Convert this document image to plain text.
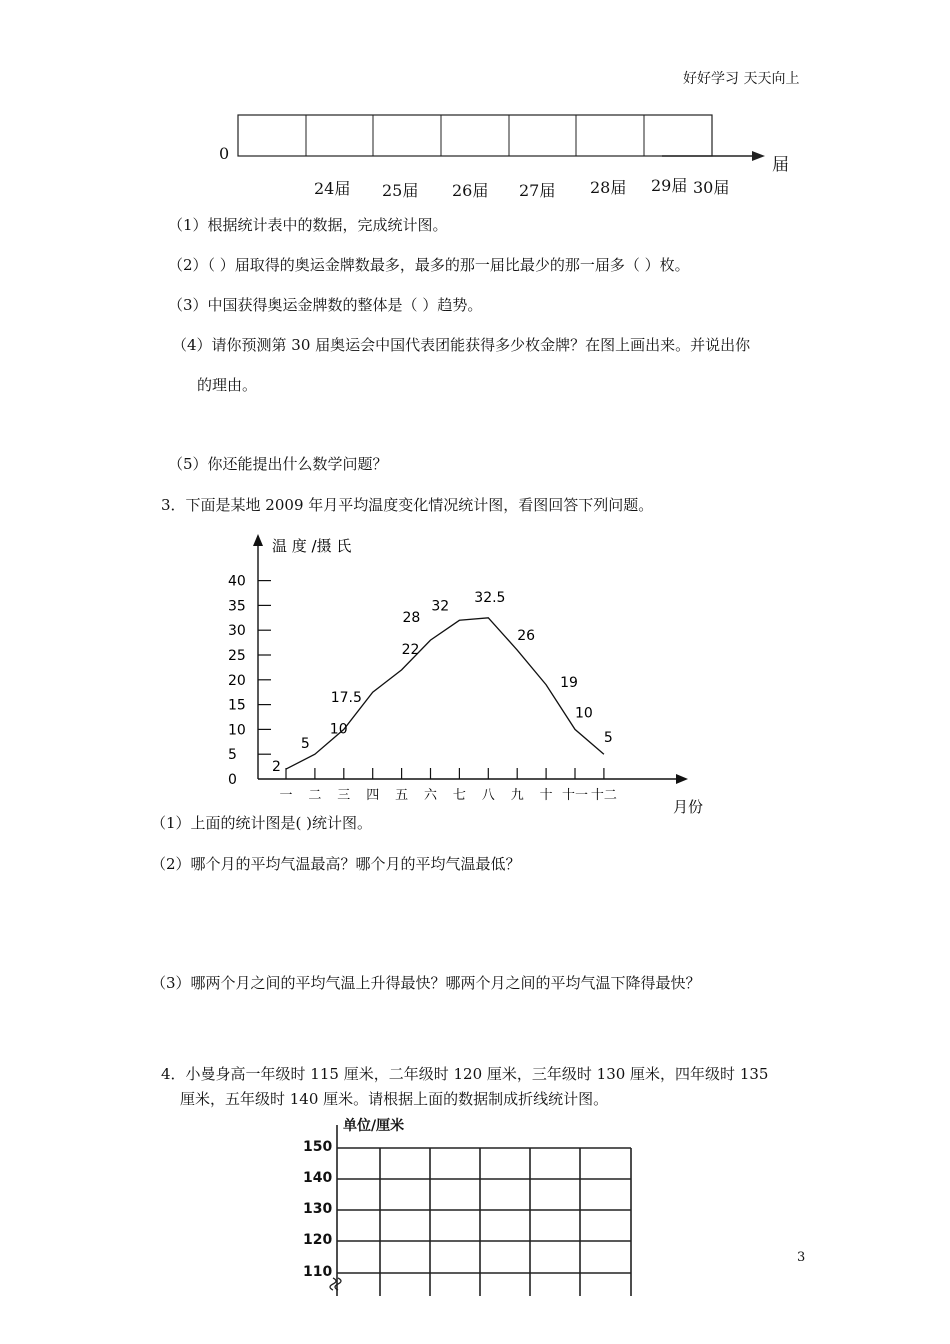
好好学习 天天向上
0
届
24届 25届 26届 27届 28届 29届 30届
（1）根据统计表中的数据，完成统计图。
（2）（ ）届取得的奥运金牌数最多，最多的那一届比最少的那一届多（ ）枚。
（3）中国获得奥运金牌数的整体是（ ）趋势。
（4）请你预测第 30 届奥运会中国代表团能获得多少枚金牌？在图上画出来。并说出你
的理由。
（5）你还能提出什么数学问题？
3．下面是某地 2009 年月平均温度变化情况统计图，看图回答下列问题。
0
5
10
15
20
25
30
35
40
一 二 三 四 五 六 七 八 九 十 十一 十二
2
5
10
17.5
22
28
32
32.5
26
19
10
5
温 度 /摄 氏
月份
（1）上面的统计图是( )统计图。
（2）哪个月的平均气温最高？哪个月的平均气温最低？
（3）哪两个月之间的平均气温上升得最快？哪两个月之间的平均气温下降得最快？
4．小曼身高一年级时 115 厘米，二年级时 120 厘米，三年级时 130 厘米，四年级时 135
厘米，五年级时 140 厘米。请根据上面的数据制成折线统计图。
单位/厘米
150
140
130
120
110
3
